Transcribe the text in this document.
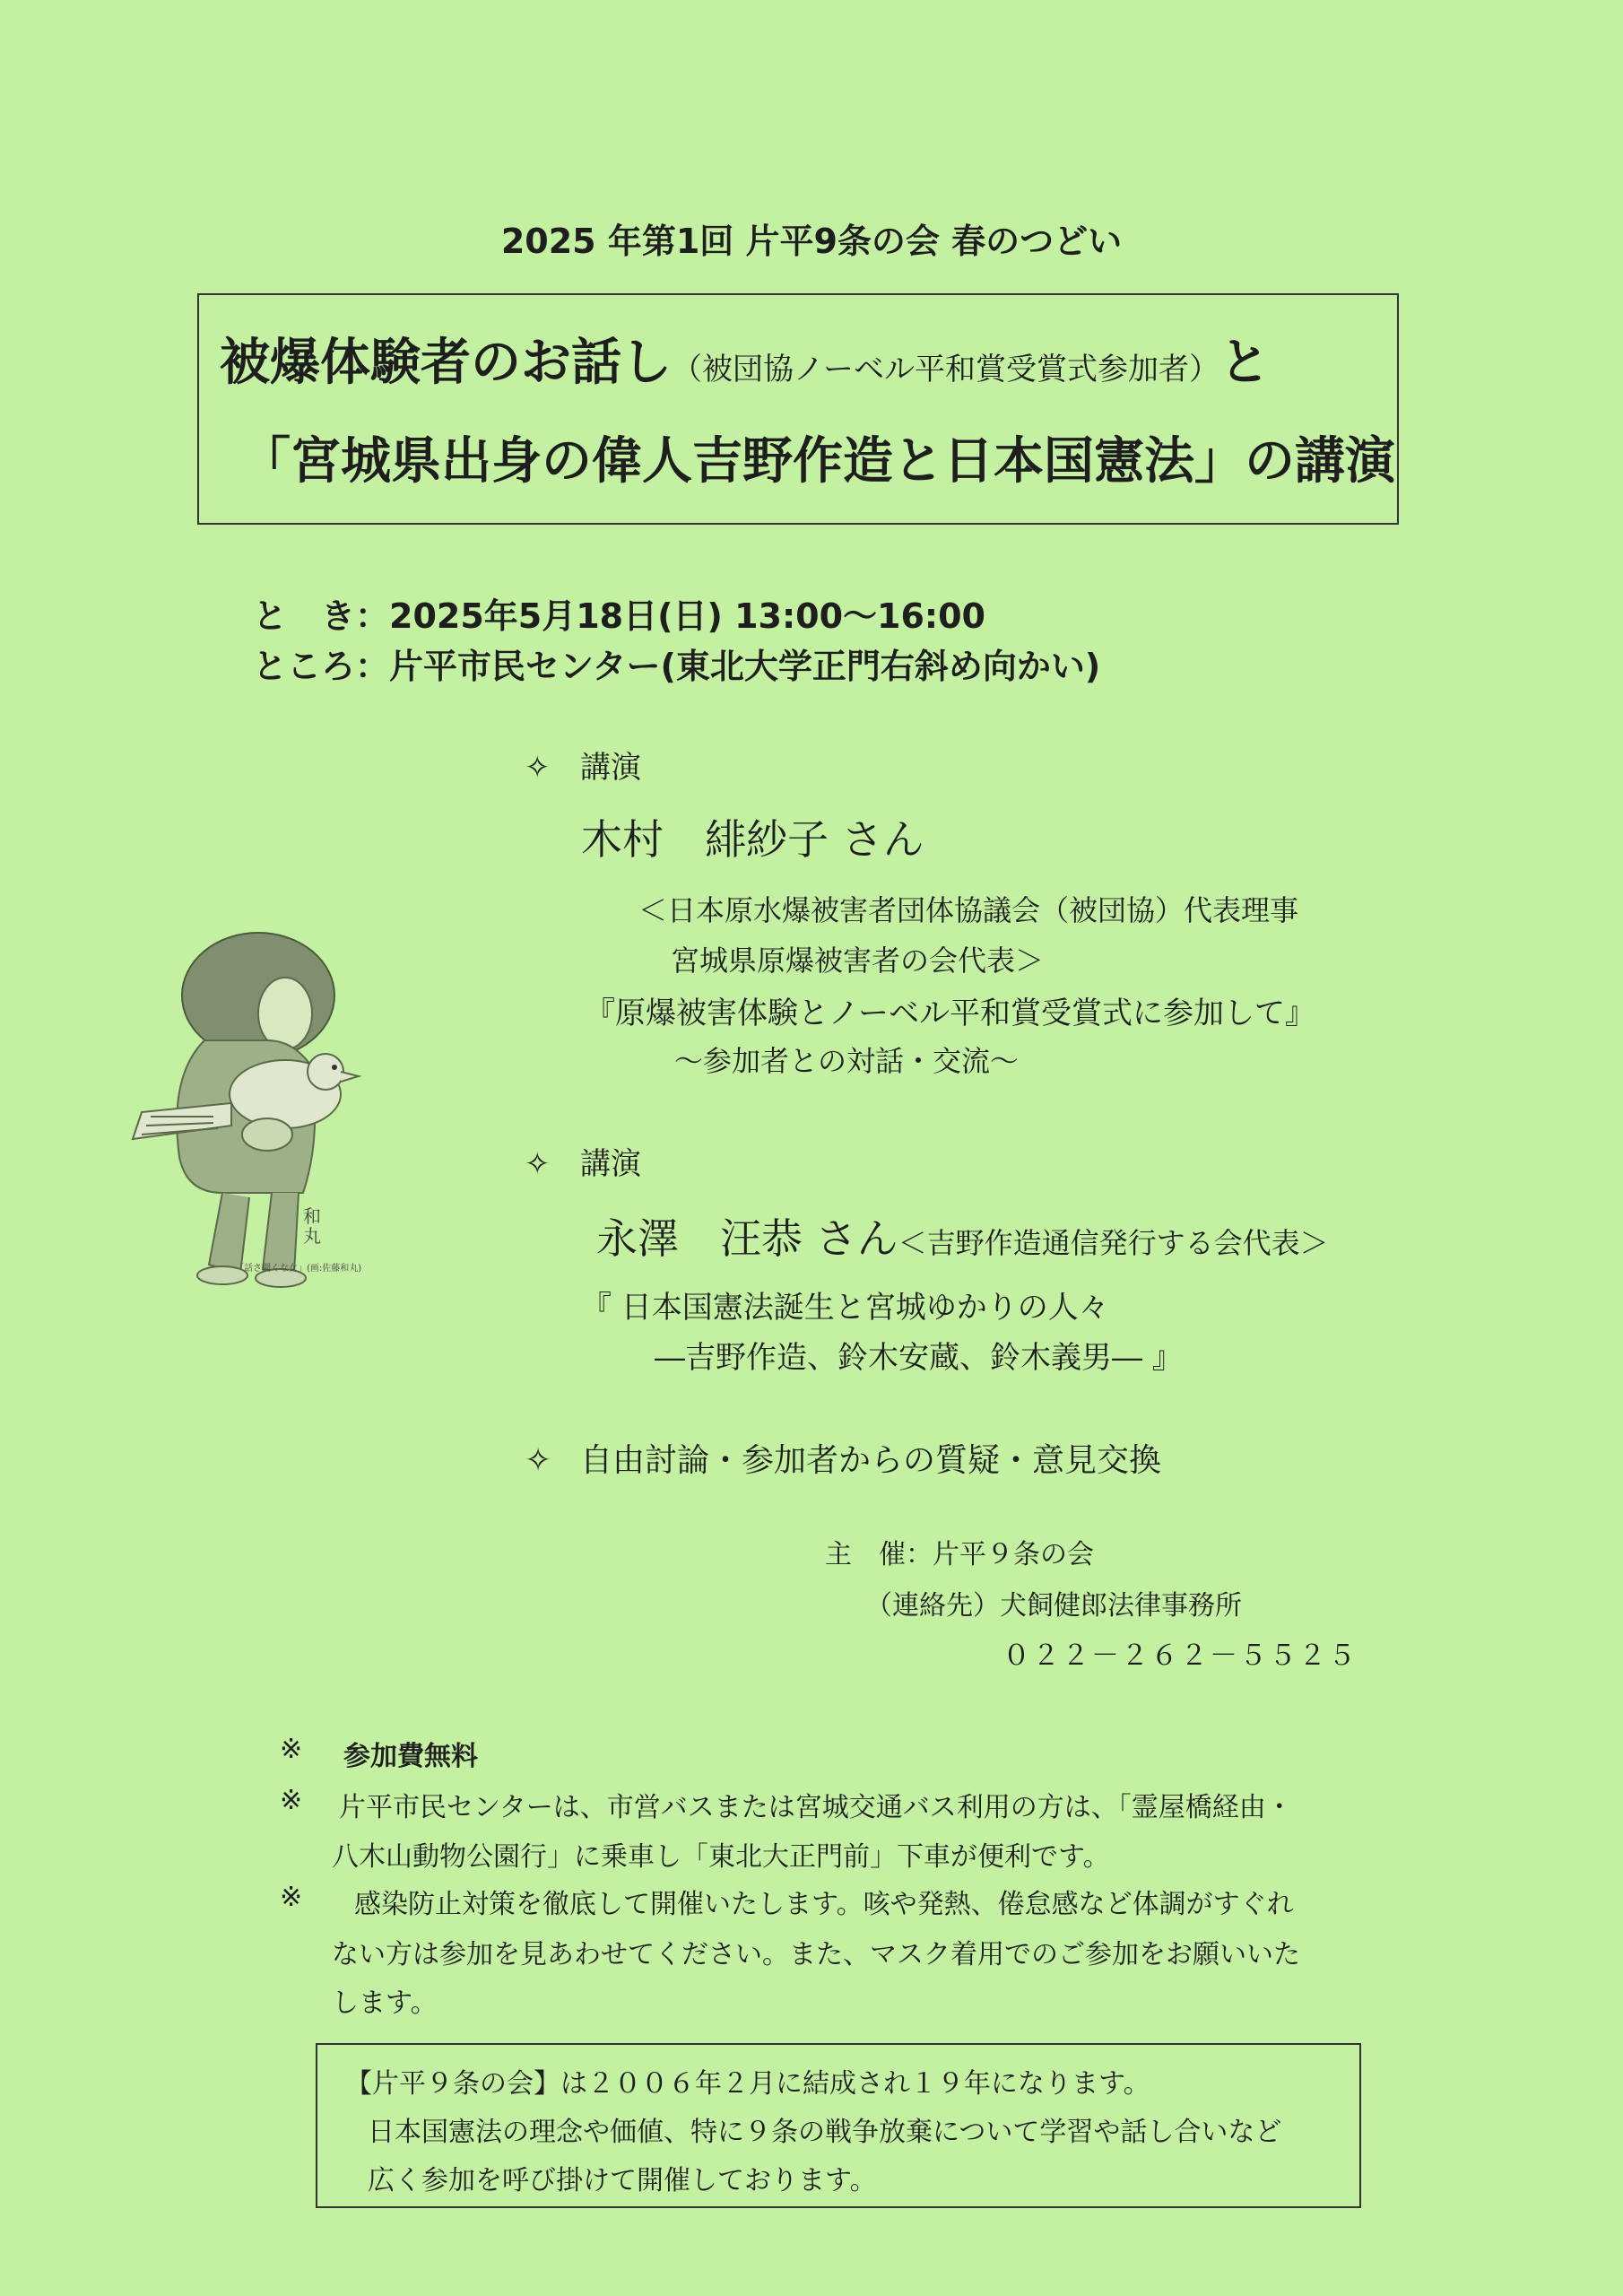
2025 年第1回 片平9条の会 春のつどい
被爆体験者のお話し（被団協ノーベル平和賞受賞式参加者）と
「宮城県出身の偉人吉野作造と日本国憲法」の講演
と　き：2025年5月18日(日) 13:00～16:00
ところ：片平市民センター(東北大学正門右斜め向かい)
✧ 講演
木村　緋紗子 さん
＜日本原水爆被害者団体協議会（被団協）代表理事
宮城県原爆被害者の会代表＞
『原爆被害体験とノーベル平和賞受賞式に参加して』
～参加者との対話・交流～
和丸
「話さ聞くな女」(画:佐藤和丸)
✧ 講演
永澤　汪恭 さん＜吉野作造通信発行する会代表＞
『 日本国憲法誕生と宮城ゆかりの人々
―吉野作造、鈴木安蔵、鈴木義男― 』
✧ 自由討論・参加者からの質疑・意見交換
主　催：片平９条の会
（連絡先）犬飼健郎法律事務所
０２２－２６２－５５２５
※ 参加費無料
※ 片平市民センターは、市営バスまたは宮城交通バス利用の方は、「霊屋橋経由・
八木山動物公園行」に乗車し「東北大正門前」下車が便利です。
※ 感染防止対策を徹底して開催いたします。咳や発熱、倦怠感など体調がすぐれ
ない方は参加を見あわせてください。また、マスク着用でのご参加をお願いいた
します。
【片平９条の会】は２００６年２月に結成され１９年になります。
日本国憲法の理念や価値、特に９条の戦争放棄について学習や話し合いなど
広く参加を呼び掛けて開催しております。
